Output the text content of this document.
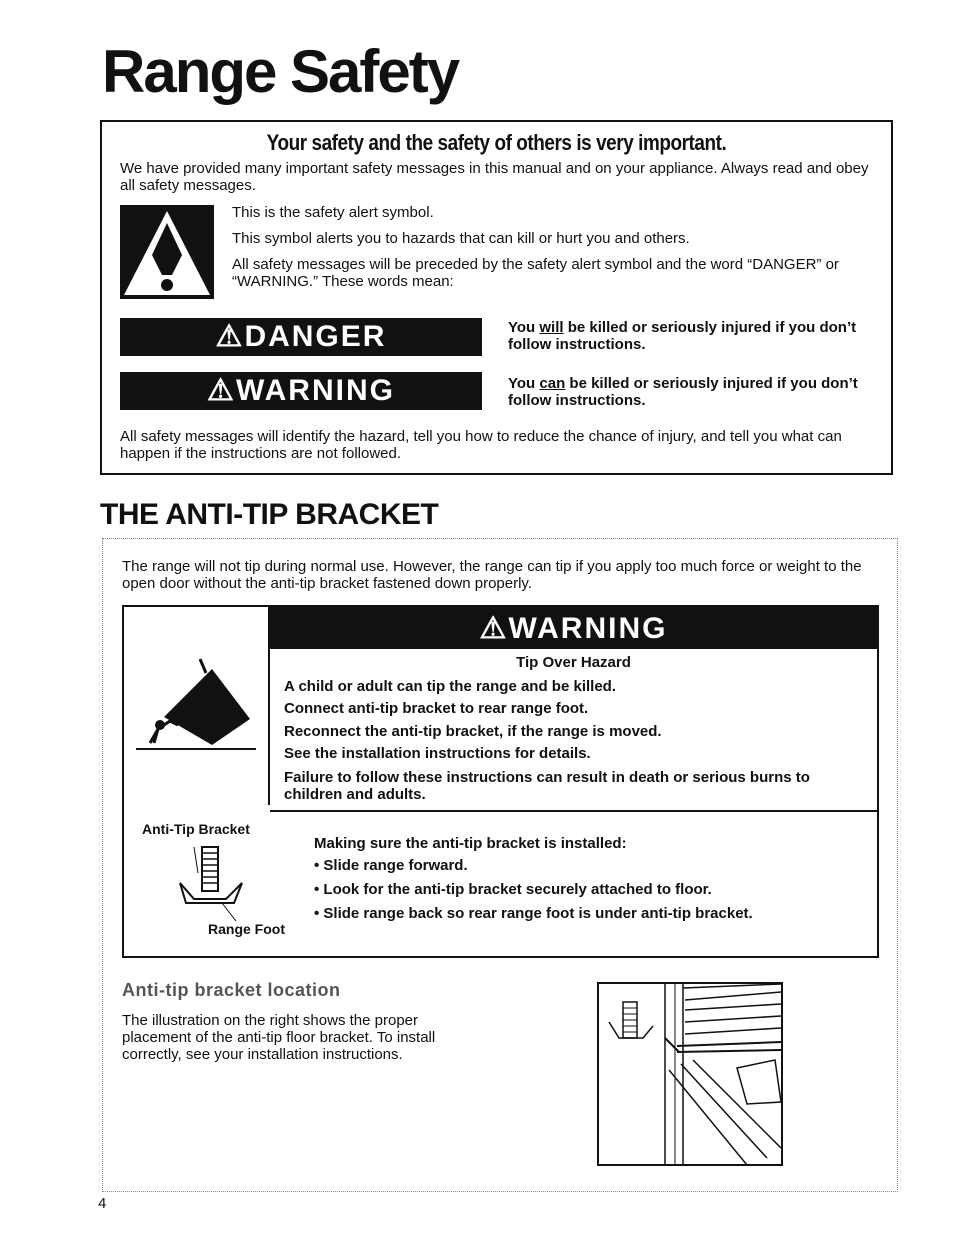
Range Safety
Your safety and the safety of others is very important.
We have provided many important safety messages in this manual and on your appliance. Always read and obey all safety messages.
This is the safety alert symbol.
This symbol alerts you to hazards that can kill or hurt you and others.
All safety messages will be preceded by the safety alert symbol and the word “DANGER” or “WARNING.” These words mean:
⚠DANGER	You will be killed or seriously injured if you don’t follow instructions.
⚠WARNING	You can be killed or seriously injured if you don’t follow instructions.
All safety messages will identify the hazard, tell you how to reduce the chance of injury, and tell you what can happen if the instructions are not followed.
THE ANTI-TIP BRACKET
The range will not tip during normal use. However, the range can tip if you apply too much force or weight to the open door without the anti-tip bracket fastened down properly.
⚠WARNING
Tip Over Hazard
A child or adult can tip the range and be killed.
Connect anti-tip bracket to rear range foot.
Reconnect the anti-tip bracket, if the range is moved.
See the installation instructions for details.
Failure to follow these instructions can result in death or serious burns to children and adults.
Anti-Tip Bracket
Range Foot
Making sure the anti-tip bracket is installed:
• Slide range forward.
• Look for the anti-tip bracket securely attached to floor.
• Slide range back so rear range foot is under anti-tip bracket.
Anti-tip bracket location
The illustration on the right shows the proper placement of the anti-tip floor bracket. To install correctly, see your installation instructions.
4
